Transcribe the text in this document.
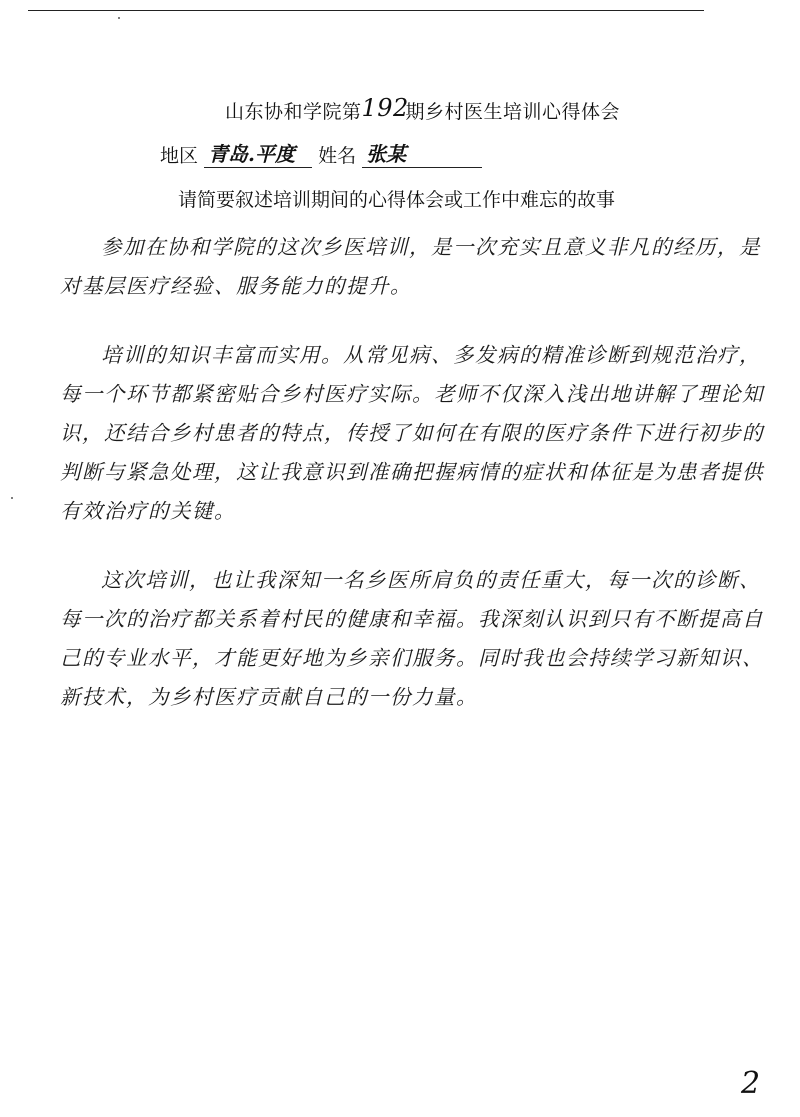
山东协和学院第192期乡村医生培训心得体会
地区 青岛.平度 姓名 张某
请简要叙述培训期间的心得体会或工作中难忘的故事

参加在协和学院的这次乡医培训，是一次充实且意义非凡的经历，是对基层医疗经验、服务能力的提升。

培训的知识丰富而实用。从常见病、多发病的精准诊断到规范治疗，每一个环节都紧密贴合乡村医疗实际。老师不仅深入浅出地讲解了理论知识，还结合乡村患者的特点，传授了如何在有限的医疗条件下进行初步的判断与紧急处理，这让我意识到准确把握病情的症状和体征是为患者提供有效治疗的关键。

这次培训，也让我深知一名乡医所肩负的责任重大，每一次的诊断、每一次的治疗都关系着村民的健康和幸福。我深刻认识到只有不断提高自己的专业水平，才能更好地为乡亲们服务。同时我也会持续学习新知识、新技术，为乡村医疗贡献自己的一份力量。

2
